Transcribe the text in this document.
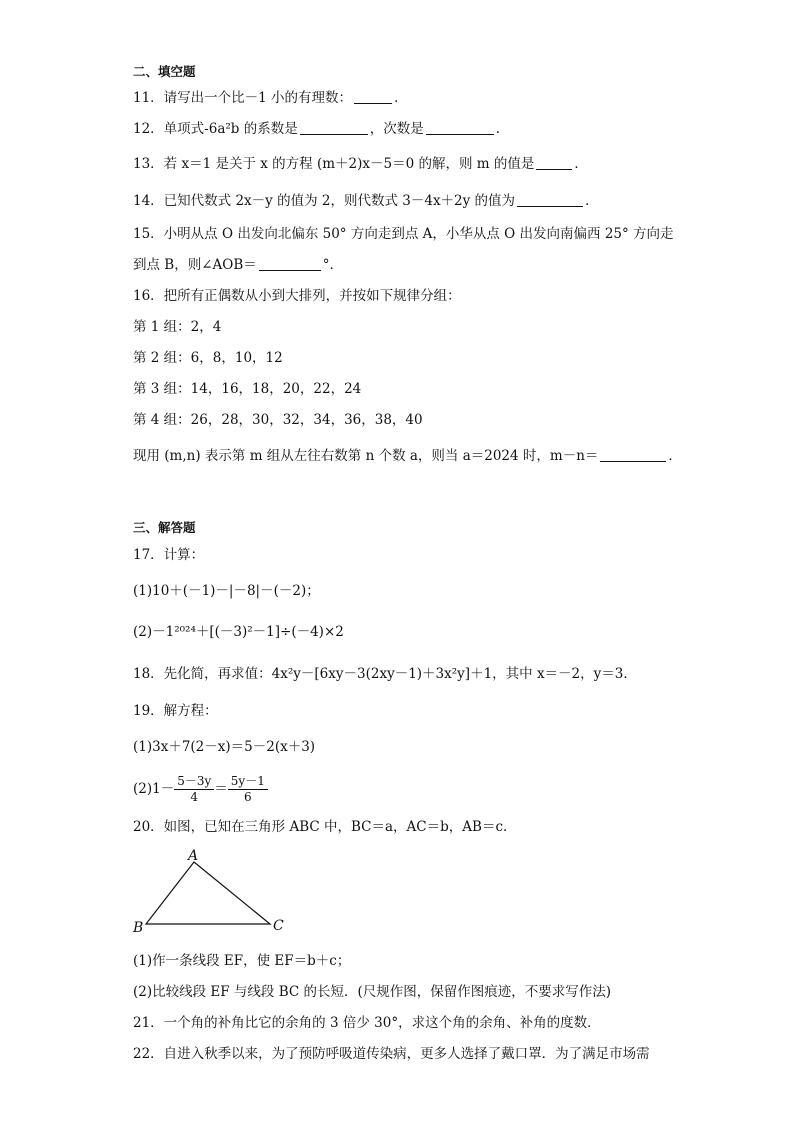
二、填空题
11．请写出一个比－1 小的有理数：	．
12．单项式-6a²b 的系数是	，次数是	．
13．若 x＝1 是关于 x 的方程 (m＋2)x－5＝0 的解，则 m 的值是	．
14．已知代数式 2x－y 的值为 2，则代数式 3－4x＋2y 的值为	．
15．小明从点 O 出发向北偏东 50° 方向走到点 A，小华从点 O 出发向南偏西 25° 方向走
到点 B，则∠AOB＝	°．
16．把所有正偶数从小到大排列，并按如下规律分组：
第 1 组：2，4
第 2 组：6，8，10，12
第 3 组：14，16，18，20，22，24
第 4 组：26，28，30，32，34，36，38，40
现用 (m,n) 表示第 m 组从左往右数第 n 个数 a，则当 a＝2024 时，m－n＝	．
三、解答题
17．计算：
(1)10＋(－1)－|－8|－(－2)；
(2)－1²⁰²⁴＋[(－3)²－1]÷(－4)×2
18．先化简，再求值：4x²y－[6xy－3(2xy－1)＋3x²y]＋1，其中 x＝－2，y＝3．
19．解方程：
(1)3x＋7(2－x)＝5－2(x＋3)
$(2)1- \frac{5-3y}{4} = \frac{5y-1}{6}$
20．如图，已知在三角形 ABC 中，BC＝a，AC＝b，AB＝c．
A
B	C
(1)作一条线段 EF，使 EF＝b＋c；
(2)比较线段 EF 与线段 BC 的长短．(尺规作图，保留作图痕迹，不要求写作法)
21．一个角的补角比它的余角的 3 倍少 30°，求这个角的余角、补角的度数．
22．自进入秋季以来，为了预防呼吸道传染病，更多人选择了戴口罩．为了满足市场需
